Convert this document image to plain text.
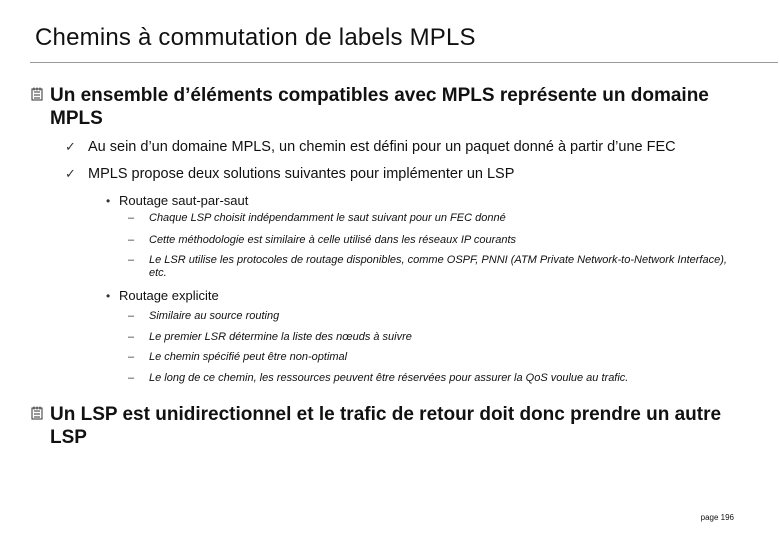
Chemins à commutation de labels MPLS
Un ensemble d’éléments compatibles avec MPLS représente un domaine MPLS
✓ Au sein d’un domaine MPLS, un chemin est défini pour un paquet donné à partir d’une FEC
✓ MPLS propose deux solutions suivantes pour implémenter un LSP
• Routage saut-par-saut
– Chaque LSP choisit indépendamment le saut suivant pour un FEC donné
– Cette méthodologie est similaire à celle utilisé dans les réseaux IP courants
– Le LSR utilise les protocoles de routage disponibles, comme OSPF, PNNI (ATM Private Network-to-Network Interface), etc.
• Routage explicite
– Similaire au source routing
– Le premier LSR détermine la liste des nœuds à suivre
– Le chemin spécifié peut être non-optimal
– Le long de ce chemin, les ressources peuvent être réservées pour assurer la QoS voulue au trafic.
Un LSP est unidirectionnel et le trafic de retour doit donc prendre un autre LSP
page 196
